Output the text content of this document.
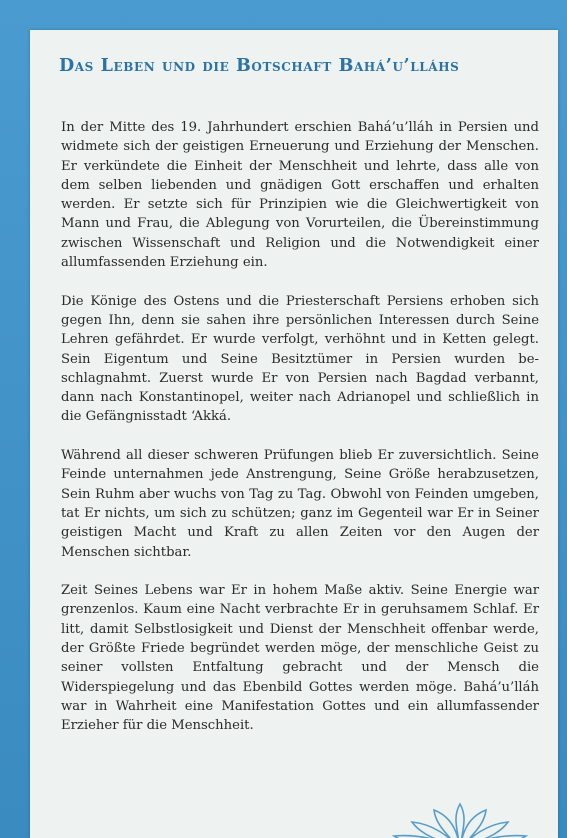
Das Leben und die Botschaft Bahá’u’lláhs

In der Mitte des 19. Jahrhundert erschien Bahá’u’lláh in Persien und widmete sich der geistigen Erneuerung und Erziehung der Menschen. Er verkündete die Einheit der Menschheit und lehrte, dass alle von dem selben liebenden und gnädigen Gott erschaffen und erhalten werden. Er setzte sich für Prinzipien wie die Gleichwertigkeit von Mann und Frau, die Ablegung von Vorurteilen, die Übereinstimmung zwischen Wissenschaft und Religion und die Notwendigkeit einer allumfassenden Erziehung ein.

Die Könige des Ostens und die Priesterschaft Persiens erhoben sich gegen Ihn, denn sie sahen ihre persönlichen Interessen durch Seine Lehren gefährdet. Er wurde verfolgt, verhöhnt und in Ketten gelegt. Sein Eigentum und Seine Besitztümer in Persien wurden beschlagnahmt. Zuerst wurde Er von Persien nach Bagdad verbannt, dann nach Konstantinopel, weiter nach Adrianopel und schließlich in die Gefängnisstadt ‘Akká.

Während all dieser schweren Prüfungen blieb Er zuversichtlich. Seine Feinde unternahmen jede Anstrengung, Seine Größe herabzusetzen, Sein Ruhm aber wuchs von Tag zu Tag. Obwohl von Feinden umgeben, tat Er nichts, um sich zu schützen; ganz im Gegenteil war Er in Seiner geistigen Macht und Kraft zu allen Zeiten vor den Augen der Menschen sichtbar.

Zeit Seines Lebens war Er in hohem Maße aktiv. Seine Energie war grenzenlos. Kaum eine Nacht verbrachte Er in geruhsamem Schlaf. Er litt, damit Selbstlosigkeit und Dienst der Menschheit offenbar werde, der Größte Friede begründet werden möge, der menschliche Geist zu seiner vollsten Entfaltung gebracht und der Mensch die Widerspiegelung und das Ebenbild Gottes werden möge. Bahá’u’lláh war in Wahrheit eine Manifestation Gottes und ein allumfassender Erzieher für die Menschheit.
